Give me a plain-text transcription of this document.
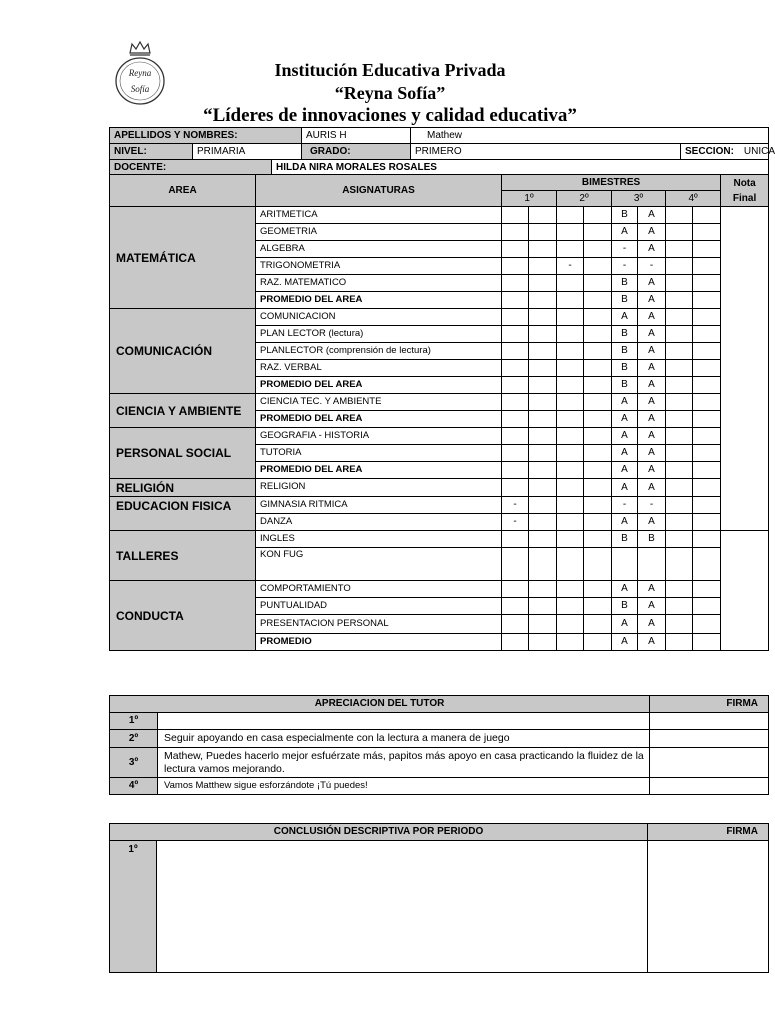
Reyna
Sofía
Institución Educativa Privada
“Reyna Sofía”
“Líderes de innovaciones y calidad educativa”
APELLIDOS Y NOMBRES:			AURIS H	Mathew	
NIVEL:	PRIMARIA		GRADO:	PRIMERO	SECCION: UNICA
DOCENTE:		HILDA NIRA MORALES ROSALES			
AREA	ASIGNATURAS	BIMESTRES								Nota
Final
		1º		2º		3º		4º		
MATEMÁTICA	ARITMETICA					B	A			
	GEOMETRIA					A	A			
	ALGEBRA					-	A			
	TRIGONOMETRIA			-		-	-			
	RAZ. MATEMATICO					B	A			
	PROMEDIO DEL AREA					B	A			
COMUNICACIÓN	COMUNICACION					A	A			
	PLAN LECTOR (lectura)					B	A			
	PLANLECTOR (comprensión de lectura)					B	A			
	RAZ. VERBAL					B	A			
	PROMEDIO DEL AREA					B	A			
CIENCIA Y AMBIENTE	CIENCIA TEC. Y AMBIENTE					A	A			
	PROMEDIO DEL AREA					A	A			
PERSONAL SOCIAL	GEOGRAFIA - HISTORIA					A	A			
	TUTORIA					A	A			
	PROMEDIO DEL AREA					A	A			
RELIGIÓN	RELIGION					A	A			
EDUCACION FISICA	GIMNASIA RITMICA	-				-	-			
	DANZA	-				A	A			
TALLERES	INGLES					B	B			
	KON FUG									
CONDUCTA	COMPORTAMIENTO					A	A			
	PUNTUALIDAD					B	A			
	PRESENTACION PERSONAL					A	A			
	PROMEDIO					A	A			
APRECIACION DEL TUTOR		FIRMA
1º		
2º	Seguir apoyando en casa especialmente con la lectura a manera de juego	
3º	Mathew, Puedes hacerlo mejor esfuérzate más, papitos más apoyo en casa practicando la fluidez de la lectura vamos mejorando.	
4º	Vamos Matthew sigue esforzándote ¡Tú puedes!	
CONCLUSIÓN DESCRIPTIVA POR PERIODO		FIRMA
1º		
